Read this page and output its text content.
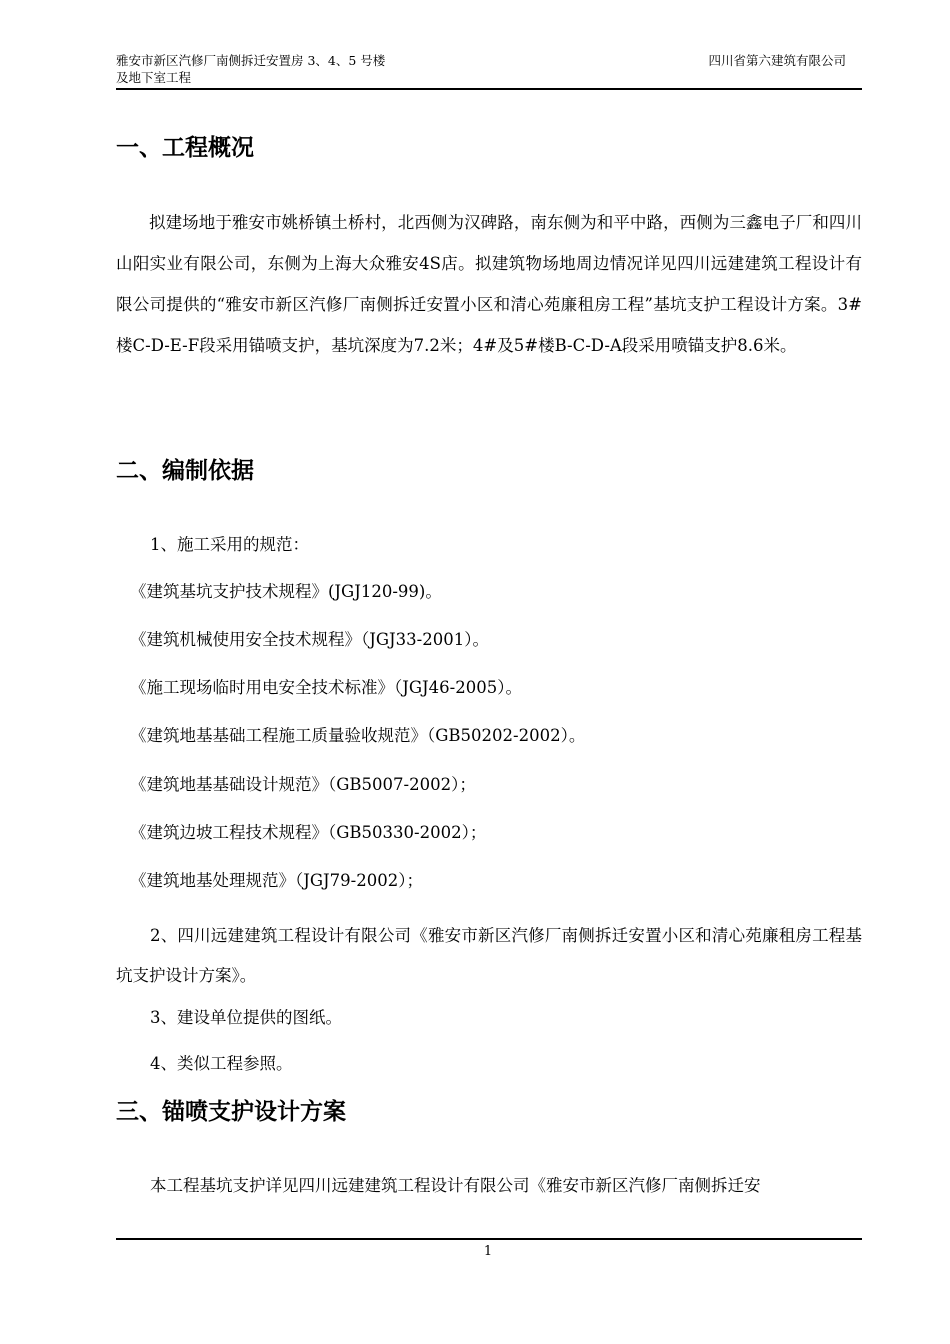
雅安市新区汽修厂南侧拆迁安置房 3、4、5 号楼
及地下室工程
四川省第六建筑有限公司
一、工程概况
拟建场地于雅安市姚桥镇土桥村，北西侧为汉碑路，南东侧为和平中路，西侧为三鑫电子厂和四川山阳实业有限公司，东侧为上海大众雅安4S店。拟建筑物场地周边情况详见四川远建建筑工程设计有限公司提供的“雅安市新区汽修厂南侧拆迁安置小区和清心苑廉租房工程”基坑支护工程设计方案。3#楼C-D-E-F段采用锚喷支护，基坑深度为7.2米；4#及5#楼B-C-D-A段采用喷锚支护8.6米。
二、编制依据
1、施工采用的规范：
《建筑基坑支护技术规程》(JGJ120-99)。
《建筑机械使用安全技术规程》（JGJ33-2001）。
《施工现场临时用电安全技术标准》（JGJ46-2005）。
《建筑地基基础工程施工质量验收规范》（GB50202-2002）。
《建筑地基基础设计规范》（GB5007-2002）；
《建筑边坡工程技术规程》（GB50330-2002）；
《建筑地基处理规范》（JGJ79-2002）；
2、四川远建建筑工程设计有限公司《雅安市新区汽修厂南侧拆迁安置小区和清心苑廉租房工程基坑支护设计方案》。
3、建设单位提供的图纸。
4、类似工程参照。
三、锚喷支护设计方案
本工程基坑支护详见四川远建建筑工程设计有限公司《雅安市新区汽修厂南侧拆迁安
1
